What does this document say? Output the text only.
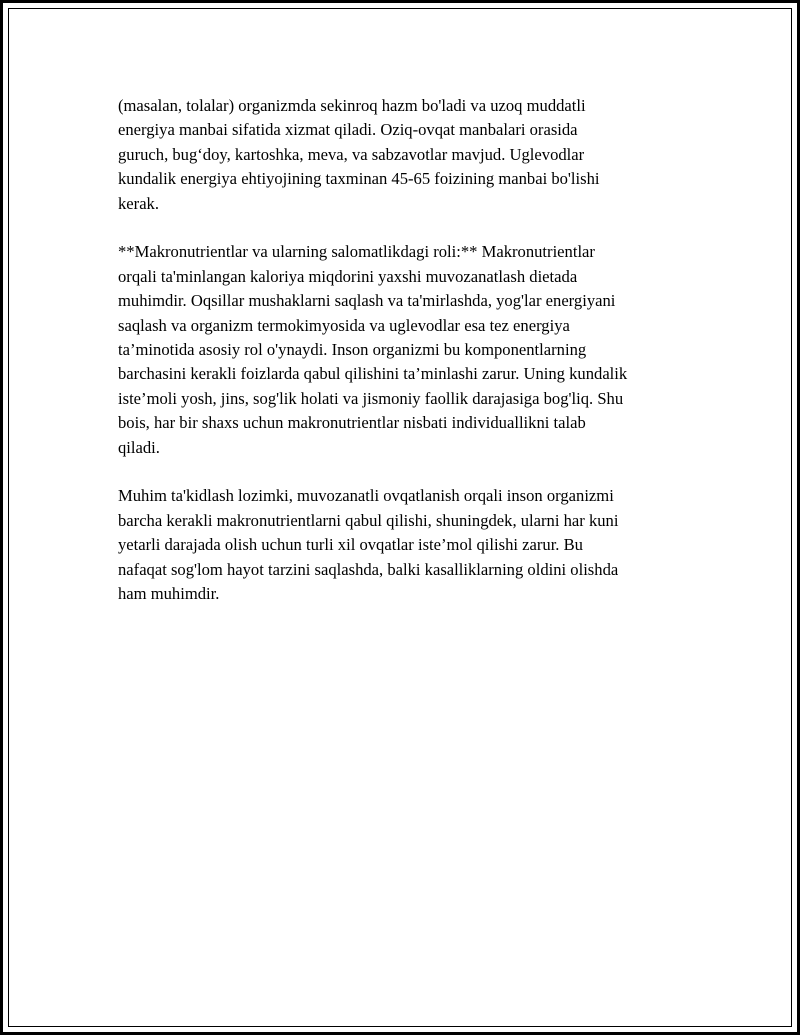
(masalan, tolalar) organizmda sekinroq hazm bo'ladi va uzoq muddatli
energiya manbai sifatida xizmat qiladi. Oziq-ovqat manbalari orasida
guruch, bug‘doy, kartoshka, meva, va sabzavotlar mavjud. Uglevodlar
kundalik energiya ehtiyojining taxminan 45-65 foizining manbai bo'lishi
kerak.

**Makronutrientlar va ularning salomatlikdagi roli:** Makronutrientlar
orqali ta'minlangan kaloriya miqdorini yaxshi muvozanatlash dietada
muhimdir. Oqsillar mushaklarni saqlash va ta'mirlashda, yog'lar energiyani
saqlash va organizm termokimyosida va uglevodlar esa tez energiya
ta’minotida asosiy rol o'ynaydi. Inson organizmi bu komponentlarning
barchasini kerakli foizlarda qabul qilishini ta’minlashi zarur. Uning kundalik
iste’moli yosh, jins, sog'lik holati va jismoniy faollik darajasiga bog'liq. Shu
bois, har bir shaxs uchun makronutrientlar nisbati individuallikni talab
qiladi.

Muhim ta'kidlash lozimki, muvozanatli ovqatlanish orqali inson organizmi
barcha kerakli makronutrientlarni qabul qilishi, shuningdek, ularni har kuni
yetarli darajada olish uchun turli xil ovqatlar iste’mol qilishi zarur. Bu
nafaqat sog'lom hayot tarzini saqlashda, balki kasalliklarning oldini olishda
ham muhimdir.
